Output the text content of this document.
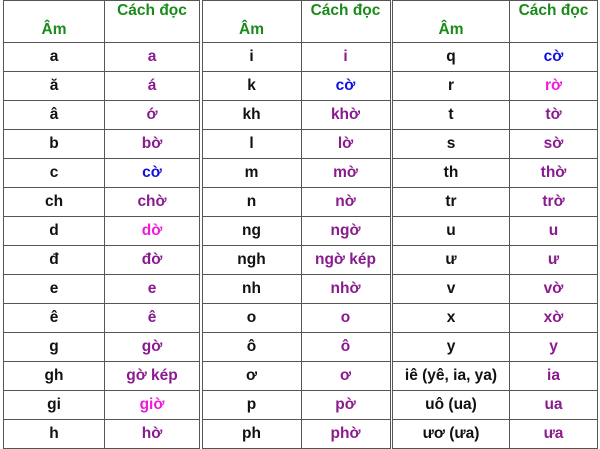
Âm	Cách đọc
a	a
ă	á
â	ớ
b	bờ
c	cờ
ch	chờ
d	dờ
đ	đờ
e	e
ê	ê
g	gờ
gh	gờ kép
gi	giờ
h	hờ
Âm	Cách đọc
i	i
k	cờ
kh	khờ
l	lờ
m	mờ
n	nờ
ng	ngờ
ngh	ngờ kép
nh	nhờ
o	o
ô	ô
ơ	ơ
p	pờ
ph	phờ
Âm	Cách đọc
q	cờ
r	rờ
t	tờ
s	sờ
th	thờ
tr	trờ
u	u
ư	ư
v	vờ
x	xờ
y	y
iê (yê, ia, ya)	ia
uô (ua)	ua
ươ (ưa)	ưa
